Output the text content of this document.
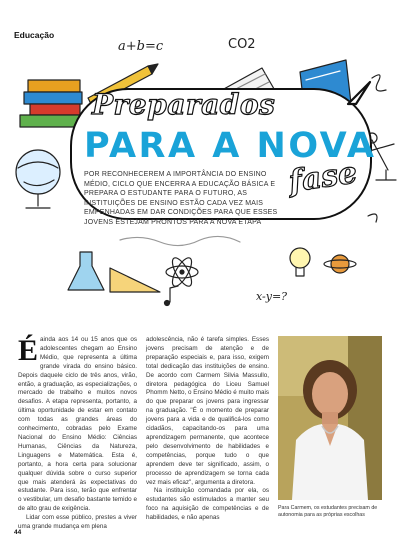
Educação
a+b=c	CO2
x-y=?
Preparados
PARA A NOVA
fase
POR RECONHECEREM A IMPORTÂNCIA DO ENSINO MÉDIO, CICLO QUE ENCERRA A EDUCAÇÃO BÁSICA E PREPARA O ESTUDANTE PARA O FUTURO, AS INSTITUIÇÕES DE ENSINO ESTÃO CADA VEZ MAIS EMPENHADAS EM DAR CONDIÇÕES PARA QUE ESSES JOVENS ESTEJAM PRONTOS PARA A NOVA ETAPA

Éainda aos 14 ou 15 anos que os adolescentes chegam ao Ensino Médio, que representa a última grande virada do ensino básico. Depois daquele ciclo de três anos, virão, então, a graduação, as especializações, o mercado de trabalho e muitos novos desafios. A etapa representa, portanto, a última oportunidade de estar em contato com todas as grandes áreas do conhecimento, cobradas pelo Exame Nacional do Ensino Médio: Ciências Humanas, Ciências da Natureza, Linguagens e Matemática. Esta é, portanto, a hora certa para solucionar qualquer dúvida sobre o curso superior que mais atenderá às expectativas do estudante. Para isso, terão que enfrentar o vestibular, um desafio bastante temido e de alto grau de exigência.

Lidar com esse público, prestes a viver uma grande mudança em plena

adolescência, não é tarefa simples. Esses jovens precisam de atenção e de preparação especiais e, para isso, exigem total dedicação das instituições de ensino. De acordo com Carmem Silvia Massullo, diretora pedagógica do Liceu Samuel Phomm Netto, o Ensino Médio é muito mais do que preparar os jovens para ingressar na graduação. "É o momento de preparar jovens para a vida e de qualificá-los como cidadãos, capacitando-os para uma aprendizagem permanente, que acontece pelo desenvolvimento de habilidades e competências, porque tudo o que aprendem deve ter significado, assim, o processo de aprendizagem se torna cada vez mais eficaz", argumenta a diretora.

Na instituição comandada por ela, os estudantes são estimulados a manter seu foco na aquisição de competências e de habilidades, e não apenas

Para Carmem, os estudantes precisam de autonomia para as próprias escolhas
44
